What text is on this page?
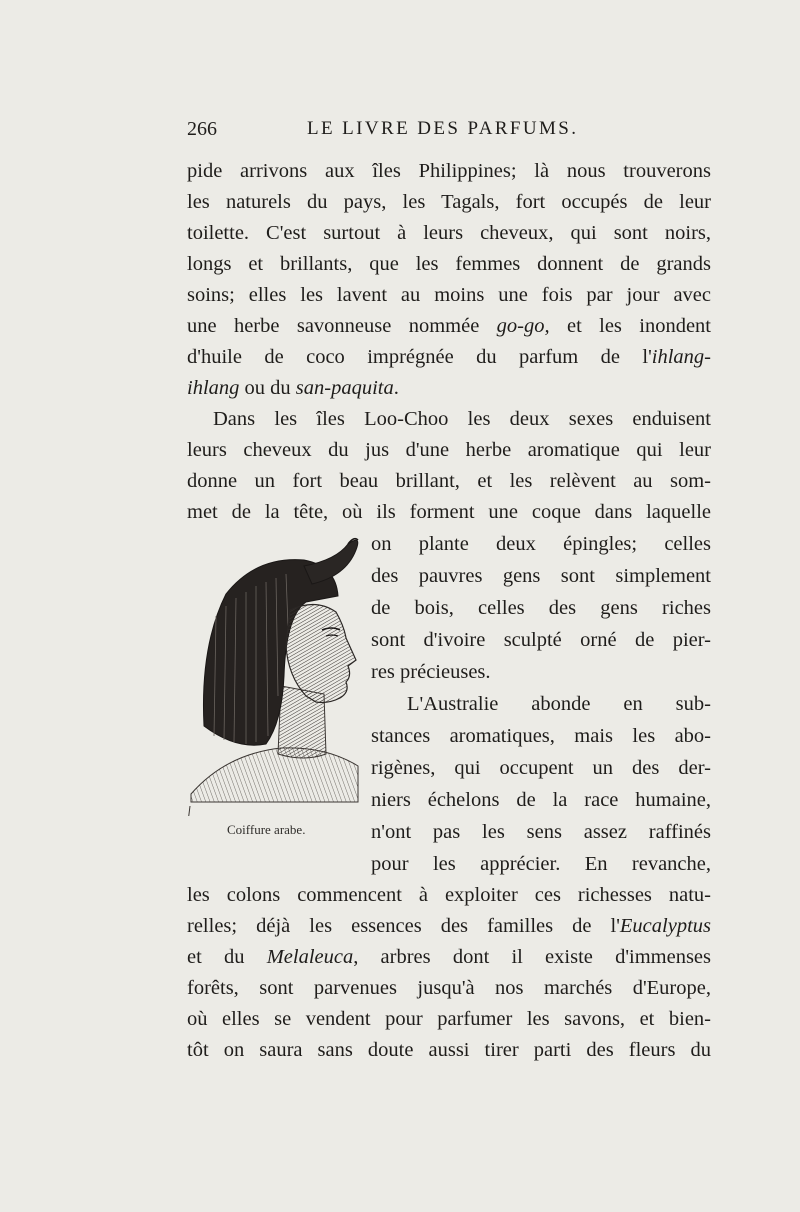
266	LE LIVRE DES PARFUMS.
pide arrivons aux îles Philippines; là nous trouverons
les naturels du pays, les Tagals, fort occupés de leur
toilette. C'est surtout à leurs cheveux, qui sont noirs,
longs et brillants, que les femmes donnent de grands
soins; elles les lavent au moins une fois par jour avec
une herbe savonneuse nommée go-go, et les inondent
d'huile de coco imprégnée du parfum de l'ihlang-
ihlang ou du san-paquita.
Dans les îles Loo-Choo les deux sexes enduisent
leurs cheveux du jus d'une herbe aromatique qui leur
donne un fort beau brillant, et les relèvent au som-
met de la tête, où ils forment une coque dans laquelle
on plante deux épingles; celles
des pauvres gens sont simplement
de bois, celles des gens riches
sont d'ivoire sculpté orné de pier-
res précieuses.
L'Australie abonde en sub-
stances aromatiques, mais les abo-
rigènes, qui occupent un des der-
niers échelons de la race humaine,
n'ont pas les sens assez raffinés
pour les apprécier. En revanche,
les colons commencent à exploiter ces richesses natu-
relles; déjà les essences des familles de l'Eucalyptus
et du Melaleuca, arbres dont il existe d'immenses
forêts, sont parvenues jusqu'à nos marchés d'Europe,
où elles se vendent pour parfumer les savons, et bien-
tôt on saura sans doute aussi tirer parti des fleurs du
Coiffure arabe.
